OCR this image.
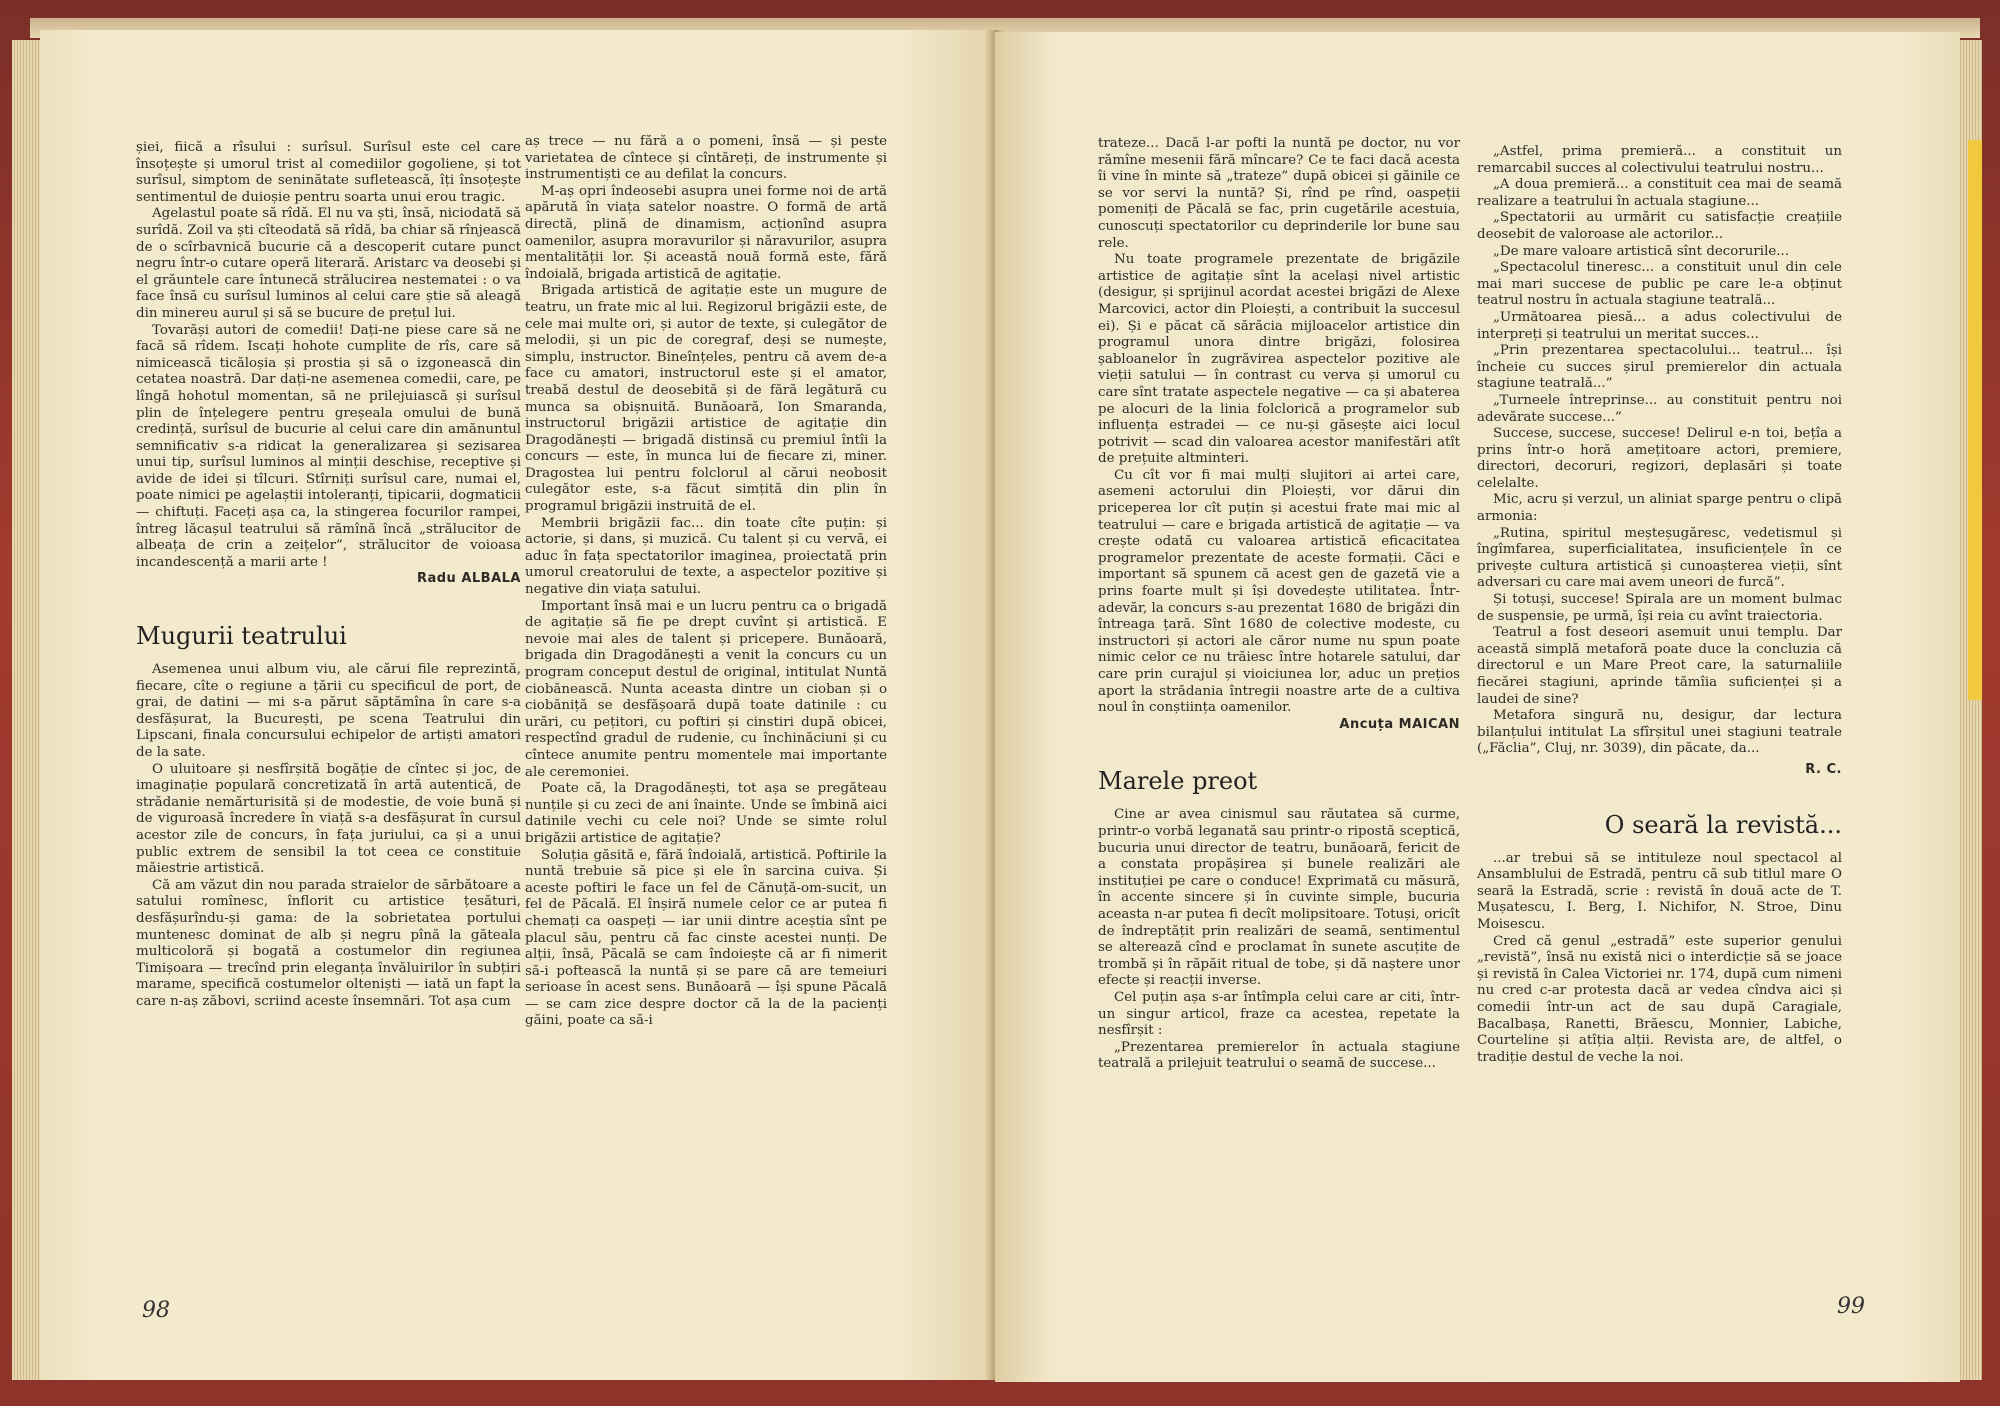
șiei, fiică a rîsului : surîsul. Surîsul este cel care însoțește și umorul trist al comediilor gogoliene, și tot surîsul, simptom de seninătate sufletească, îți însoțește sentimentul de duioșie pentru soarta unui erou tragic.

Agelastul poate să rîdă. El nu va ști, însă, niciodată să surîdă. Zoil va ști cîteodată să rîdă, ba chiar să rînjească de o scîrbavnică bucurie că a descoperit cutare punct negru într-o cutare operă literară. Aristarc va deosebi și el grăuntele care întunecă strălucirea nestematei : o va face însă cu surîsul luminos al celui care știe să aleagă din minereu aurul și să se bucure de prețul lui.

Tovarăși autori de comedii! Dați-ne piese care să ne facă să rîdem. Iscați hohote cumplite de rîs, care să nimicească ticăloșia și prostia și să o izgonească din cetatea noastră. Dar dați-ne asemenea comedii, care, pe lîngă hohotul momentan, să ne prilejuiască și surîsul plin de înțelegere pentru greșeala omului de bună credință, surîsul de bucurie al celui care din amănuntul semnificativ s-a ridicat la generalizarea și sezisarea unui tip, surîsul luminos al minții deschise, receptive și avide de idei și tîlcuri. Stîrniți surîsul care, numai el, poate nimici pe agelaștii intoleranți, tipicarii, dogmaticii — chiftuți. Faceți așa ca, la stingerea focurilor rampei, întreg lăcașul teatrului să rămînă încă „strălucitor de albeața de crin a zeițelor”, strălucitor de voioasa incandescență a marii arte !

Radu ALBALA

Mugurii teatrului

Asemenea unui album viu, ale cărui file reprezintă, fiecare, cîte o regiune a țării cu specificul de port, de grai, de datini — mi s-a părut săptămîna în care s-a desfășurat, la București, pe scena Teatrului din Lipscani, finala concursului echipelor de artiști amatori de la sate.

O uluitoare și nesfîrșită bogăție de cîntec și joc, de imaginație populară concretizată în artă autentică, de strădanie nemărturisită și de modestie, de voie bună și de viguroasă încredere în viață s-a desfășurat în cursul acestor zile de concurs, în fața juriului, ca și a unui public extrem de sensibil la tot ceea ce constituie măiestrie artistică.

Că am văzut din nou parada straielor de sărbătoare a satului romînesc, înflorit cu artistice țesături, desfășurîndu-și gama: de la sobrietatea portului muntenesc dominat de alb și negru pînă la găteala multicoloră și bogată a costumelor din regiunea Timișoara — trecînd prin eleganța învăluirilor în subțiri marame, specifică costumelor olteniști — iată un fapt la care n-aș zăbovi, scriind aceste însemnări. Tot așa cum

aș trece — nu fără a o pomeni, însă — și peste varietatea de cîntece și cîntăreți, de instrumente și instrumentiști ce au defilat la concurs.

M-aș opri îndeosebi asupra unei forme noi de artă apărută în viața satelor noastre. O formă de artă directă, plină de dinamism, acționînd asupra oamenilor, asupra moravurilor și năravurilor, asupra mentalității lor. Și această nouă formă este, fără îndoială, brigada artistică de agitație.

Brigada artistică de agitație este un mugure de teatru, un frate mic al lui. Regizorul brigăzii este, de cele mai multe ori, și autor de texte, și culegător de melodii, și un pic de coregraf, deși se numește, simplu, instructor. Bineînțeles, pentru că avem de-a face cu amatori, instructorul este și el amator, treabă destul de deosebită și de fără legătură cu munca sa obișnuită. Bunăoară, Ion Smaranda, instructorul brigăzii artistice de agitație din Dragodănești — brigadă distinsă cu premiul întîi la concurs — este, în munca lui de fiecare zi, miner. Dragostea lui pentru folclorul al cărui neobosit culegător este, s-a făcut simțită din plin în programul brigăzii instruită de el.

Membrii brigăzii fac... din toate cîte puțin: și actorie, și dans, și muzică. Cu talent și cu vervă, ei aduc în fața spectatorilor imaginea, proiectată prin umorul creatorului de texte, a aspectelor pozitive și negative din viața satului.

Important însă mai e un lucru pentru ca o brigadă de agitație să fie pe drept cuvînt și artistică. E nevoie mai ales de talent și pricepere. Bunăoară, brigada din Dragodănești a venit la concurs cu un program conceput destul de original, intitulat Nuntă ciobănească. Nunta aceasta dintre un cioban și o ciobăniță se desfășoară după toate datinile : cu urări, cu pețitori, cu poftiri și cinstiri după obicei, respectînd gradul de rudenie, cu închinăciuni și cu cîntece anumite pentru momentele mai importante ale ceremoniei.

Poate că, la Dragodănești, tot așa se pregăteau nunțile și cu zeci de ani înainte. Unde se îmbină aici datinile vechi cu cele noi? Unde se simte rolul brigăzii artistice de agitație?

Soluția găsită e, fără îndoială, artistică. Poftirile la nuntă trebuie să pice și ele în sarcina cuiva. Și aceste poftiri le face un fel de Cănuță-om-sucit, un fel de Păcală. El înșiră numele celor ce ar putea fi chemați ca oaspeți — iar unii dintre aceștia sînt pe placul său, pentru că fac cinste acestei nunți. De alții, însă, Păcală se cam îndoiește că ar fi nimerit să-i poftească la nuntă și se pare că are temeiuri serioase în acest sens. Bunăoară — își spune Păcală — se cam zice despre doctor că la de la pacienți găini, poate ca să-i

98

trateze... Dacă l-ar pofti la nuntă pe doctor, nu vor rămîne mesenii fără mîncare? Ce te faci dacă acesta îi vine în minte să „trateze” după obicei și găinile ce se vor servi la nuntă? Și, rînd pe rînd, oaspeții pomeniți de Păcală se fac, prin cugetările acestuia, cunoscuți spectatorilor cu deprinderile lor bune sau rele.

Nu toate programele prezentate de brigăzile artistice de agitație sînt la același nivel artistic (desigur, și sprijinul acordat acestei brigăzi de Alexe Marcovici, actor din Ploiești, a contribuit la succesul ei). Și e păcat că sărăcia mijloacelor artistice din programul unora dintre brigăzi, folosirea șabloanelor în zugrăvirea aspectelor pozitive ale vieții satului — în contrast cu verva și umorul cu care sînt tratate aspectele negative — ca și abaterea pe alocuri de la linia folclorică a programelor sub influența estradei — ce nu-și găsește aici locul potrivit — scad din valoarea acestor manifestări atît de prețuite altminteri.

Cu cît vor fi mai mulți slujitori ai artei care, asemeni actorului din Ploiești, vor dărui din priceperea lor cît puțin și acestui frate mai mic al teatrului — care e brigada artistică de agitație — va crește odată cu valoarea artistică eficacitatea programelor prezentate de aceste formații. Căci e important să spunem că acest gen de gazetă vie a prins foarte mult și își dovedește utilitatea. Într-adevăr, la concurs s-au prezentat 1680 de brigăzi din întreaga țară. Sînt 1680 de colective modeste, cu instructori și actori ale căror nume nu spun poate nimic celor ce nu trăiesc între hotarele satului, dar care prin curajul și vioiciunea lor, aduc un prețios aport la strădania întregii noastre arte de a cultiva noul în conștiința oamenilor.

Ancuța MAICAN

Marele preot

Cine ar avea cinismul sau răutatea să curme, printr-o vorbă leganată sau printr-o ripostă sceptică, bucuria unui director de teatru, bunăoară, fericit de a constata propășirea și bunele realizări ale instituției pe care o conduce! Exprimată cu măsură, în accente sincere și în cuvinte simple, bucuria aceasta n-ar putea fi decît molipsitoare. Totuși, oricît de îndreptățit prin realizări de seamă, sentimentul se alterează cînd e proclamat în sunete ascuțite de trombă și în răpăit ritual de tobe, și dă naștere unor efecte și reacții inverse.

Cel puțin așa s-ar întîmpla celui care ar citi, într-un singur articol, fraze ca acestea, repetate la nesfîrșit :

„Prezentarea premierelor în actuala stagiune teatrală a prilejuit teatrului o seamă de succese...

„Astfel, prima premieră... a constituit un remarcabil succes al colectivului teatrului nostru...

„A doua premieră... a constituit cea mai de seamă realizare a teatrului în actuala stagiune...

„Spectatorii au urmărit cu satisfacție creațiile deosebit de valoroase ale actorilor...

„De mare valoare artistică sînt decorurile...

„Spectacolul tineresc... a constituit unul din cele mai mari succese de public pe care le-a obținut teatrul nostru în actuala stagiune teatrală...

„Următoarea piesă... a adus colectivului de interpreți și teatrului un meritat succes...

„Prin prezentarea spectacolului... teatrul... își încheie cu succes șirul premierelor din actuala stagiune teatrală...”

„Turneele întreprinse... au constituit pentru noi adevărate succese...”

Succese, succese, succese! Delirul e-n toi, bețîa a prins într-o horă amețitoare actori, premiere, directori, decoruri, regizori, deplasări și toate celelalte.

Mic, acru și verzul, un aliniat sparge pentru o clipă armonia:

„Rutina, spiritul meșteșugăresc, vedetismul și îngîmfarea, superficialitatea, insuficiențele în ce privește cultura artistică și cunoașterea vieții, sînt adversari cu care mai avem uneori de furcă”.

Și totuși, succese! Spirala are un moment bulmac de suspensie, pe urmă, își reia cu avînt traiectoria.

Teatrul a fost deseori asemuit unui templu. Dar această simplă metaforă poate duce la concluzia că directorul e un Mare Preot care, la saturnaliile fiecărei stagiuni, aprinde tămîia suficienței și a laudei de sine?

Metafora singură nu, desigur, dar lectura bilanțului intitulat La sfîrșitul unei stagiuni teatrale („Făclia”, Cluj, nr. 3039), din păcate, da...

R. C.

O seară la revistă...

...ar trebui să se intituleze noul spectacol al Ansamblului de Estradă, pentru că sub titlul mare O seară la Estradă, scrie : revistă în două acte de T. Mușatescu, I. Berg, I. Nichifor, N. Stroe, Dinu Moisescu.

Cred că genul „estradă” este superior genului „revistă”, însă nu există nici o interdicție să se joace și revistă în Calea Victoriei nr. 174, după cum nimeni nu cred c-ar protesta dacă ar vedea cîndva aici și comedii într-un act de sau după Caragiale, Bacalbașa, Ranetti, Brăescu, Monnier, Labiche, Courteline și atîția alții. Revista are, de altfel, o tradiție destul de veche la noi.

99
